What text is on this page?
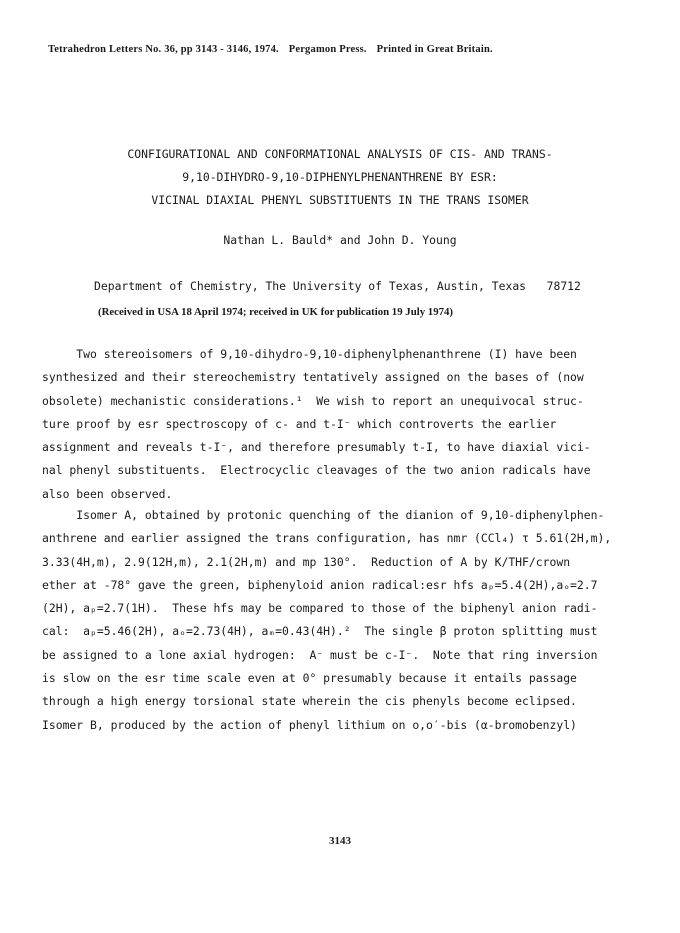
Tetrahedron Letters No. 36, pp 3143 - 3146, 1974. Pergamon Press. Printed in Great Britain.
CONFIGURATIONAL AND CONFORMATIONAL ANALYSIS OF CIS- AND TRANS-
9,10-DIHYDRO-9,10-DIPHENYLPHENANTHRENE BY ESR:
VICINAL DIAXIAL PHENYL SUBSTITUENTS IN THE TRANS ISOMER
Nathan L. Bauld* and John D. Young
Department of Chemistry, The University of Texas, Austin, Texas   78712
(Received in USA 18 April 1974; received in UK for publication 19 July 1974)
Two stereoisomers of 9,10-dihydro-9,10-diphenylphenanthrene (I) have been
synthesized and their stereochemistry tentatively assigned on the bases of (now
obsolete) mechanistic considerations.¹  We wish to report an unequivocal struc-
ture proof by esr spectroscopy of c- and t-I⁻ which controverts the earlier
assignment and reveals t-I⁻, and therefore presumably t-I, to have diaxial vici-
nal phenyl substituents.  Electrocyclic cleavages of the two anion radicals have
also been observed.
Isomer A, obtained by protonic quenching of the dianion of 9,10-diphenylphen-
anthrene and earlier assigned the trans configuration, has nmr (CCl₄) τ 5.61(2H,m),
3.33(4H,m), 2.9(12H,m), 2.1(2H,m) and mp 130°.  Reduction of A by K/THF/crown
ether at -78° gave the green, biphenyloid anion radical:esr hfs aₚ=5.4(2H),aₒ=2.7
(2H), aₚ=2.7(1H).  These hfs may be compared to those of the biphenyl anion radi-
cal:  aₚ=5.46(2H), aₒ=2.73(4H), aₘ=0.43(4H).²  The single β proton splitting must
be assigned to a lone axial hydrogen:  A⁻ must be c-I⁻.  Note that ring inversion
is slow on the esr time scale even at 0° presumably because it entails passage
through a high energy torsional state wherein the cis phenyls become eclipsed.
Isomer B, produced by the action of phenyl lithium on o,o′-bis (α-bromobenzyl)
3143
